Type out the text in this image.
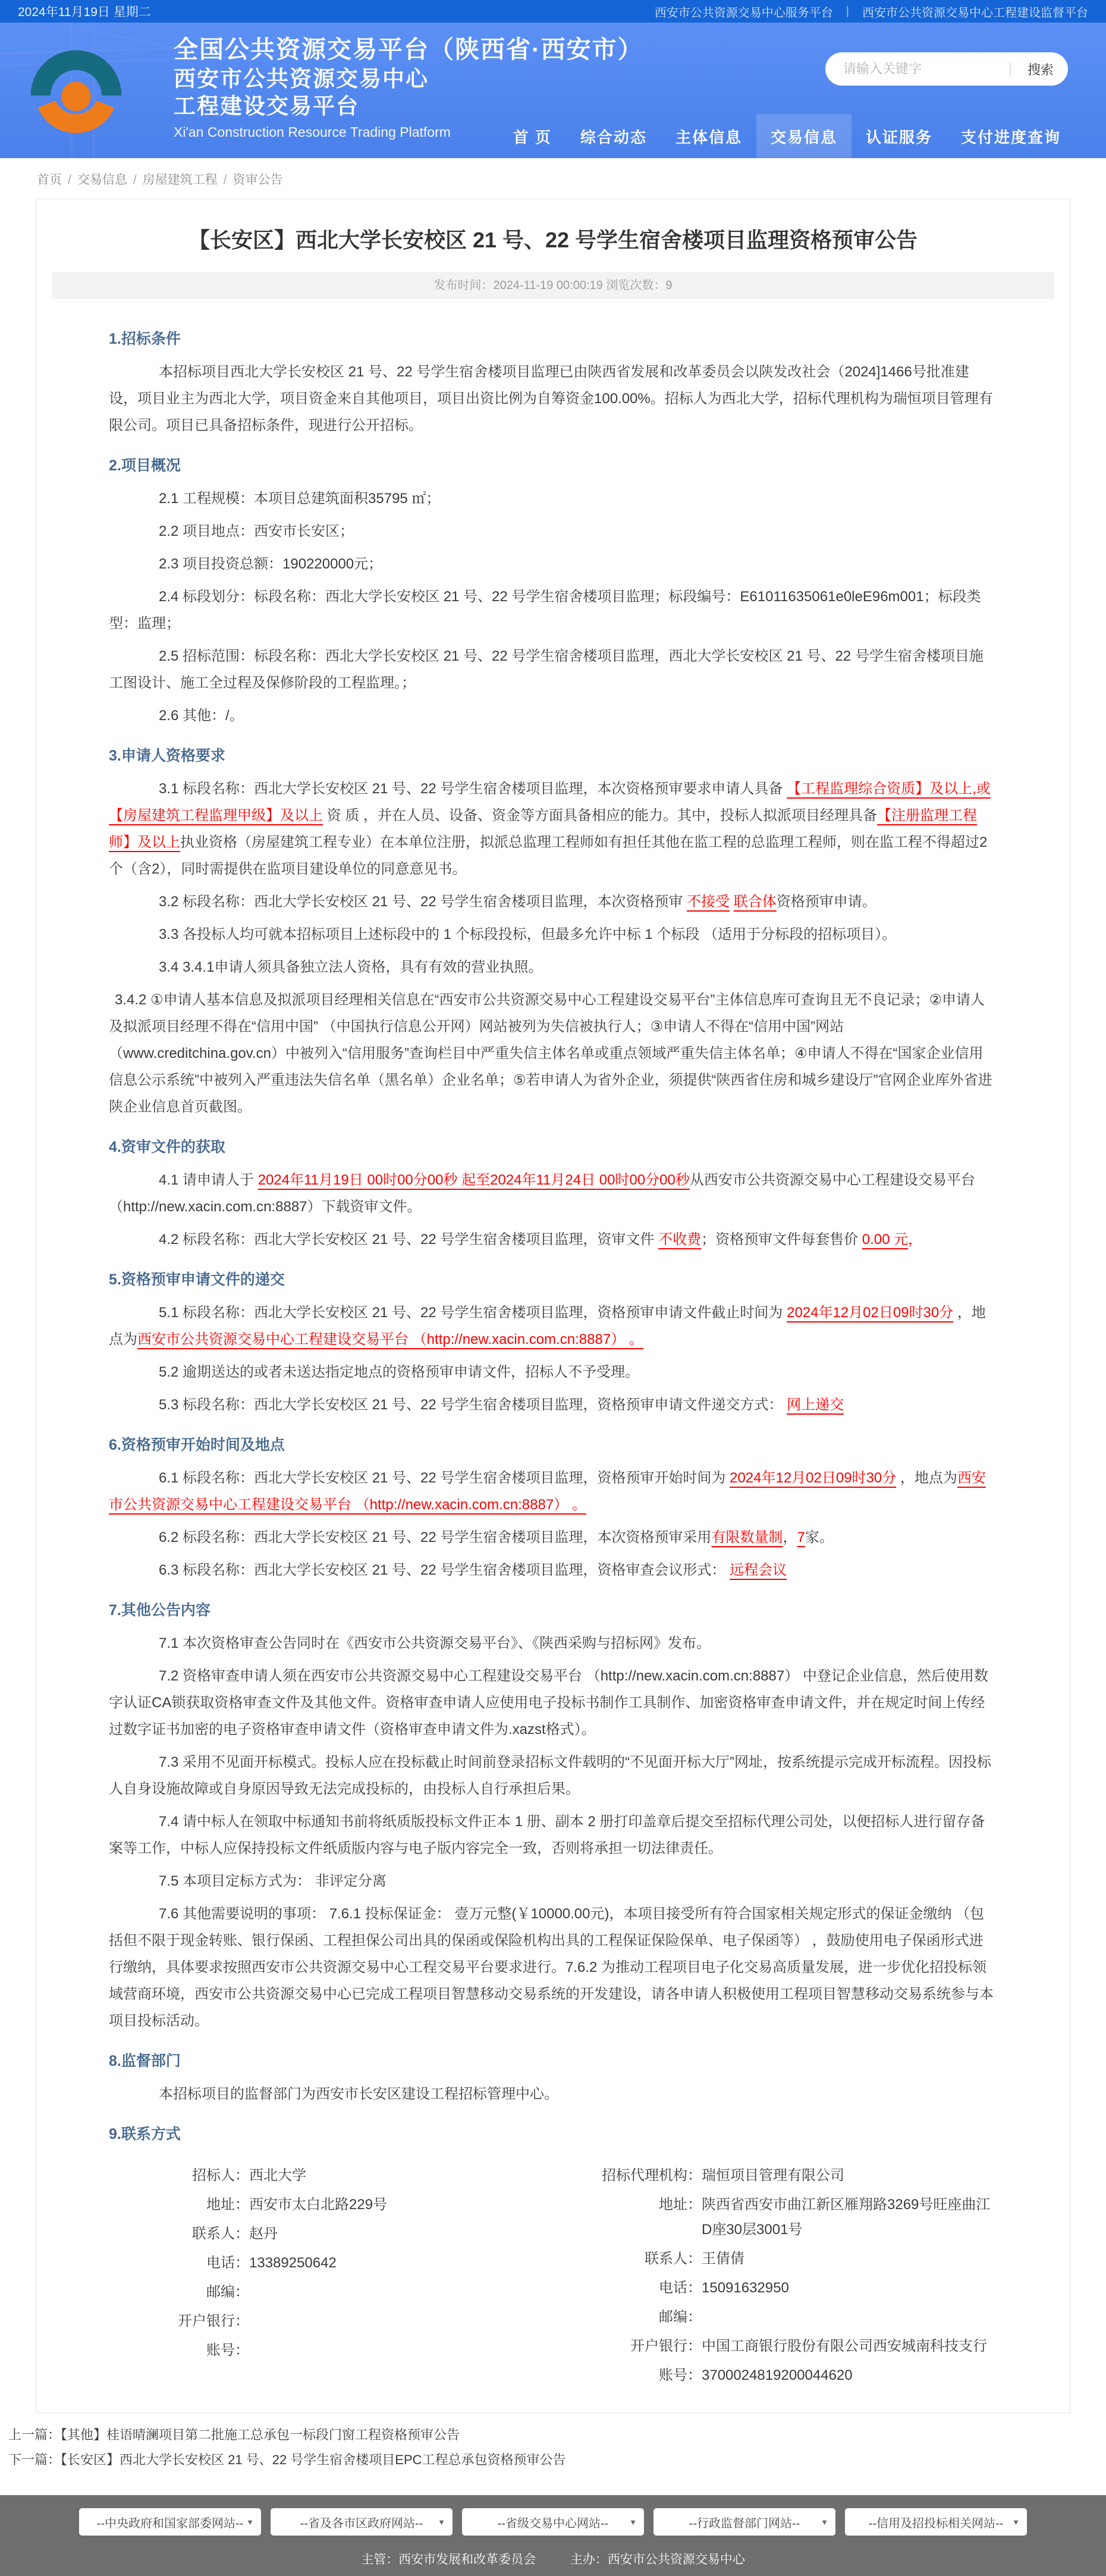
2024年11月19日 星期二	西安市公共资源交易中心服务平台 | 西安市公共资源交易中心工程建设监督平台
全国公共资源交易平台（陕西省·西安市）
西安市公共资源交易中心
工程建设交易平台
Xi'an Construction Resource Trading Platform
请输入关键字
|	搜索
首 页	综合动态	主体信息	交易信息	认证服务	支付进度查询
首页 / 交易信息 / 房屋建筑工程 / 资审公告
【长安区】西北大学长安校区 21 号、22 号学生宿舍楼项目监理资格预审公告
发布时间：2024-11-19 00:00:19 浏览次数：9
1.招标条件

本招标项目西北大学长安校区 21 号、22 号学生宿舍楼项目监理已由陕西省发展和改革委员会以陕发改社会（2024]1466号批准建设，项目业主为西北大学，项目资金来自其他项目，项目出资比例为自筹资金100.00%。招标人为西北大学，招标代理机构为瑞恒项目管理有限公司。项目已具备招标条件，现进行公开招标。

2.项目概况

2.1 工程规模：本项目总建筑面积35795 ㎡；

2.2 项目地点：西安市长安区；

2.3 项目投资总额：190220000元；

2.4 标段划分：标段名称：西北大学长安校区 21 号、22 号学生宿舍楼项目监理；标段编号：E61011635061e0leE96m001；标段类型：监理；

2.5 招标范围：标段名称：西北大学长安校区 21 号、22 号学生宿舍楼项目监理，西北大学长安校区 21 号、22 号学生宿舍楼项目施工图设计、施工全过程及保修阶段的工程监理。；

2.6 其他：/。

3.申请人资格要求

3.1 标段名称：西北大学长安校区 21 号、22 号学生宿舍楼项目监理，本次资格预审要求申请人具备 【工程监理综合资质】及以上,或【房屋建筑工程监理甲级】及以上 资 质 ，并在人员、设备、资金等方面具备相应的能力。其中，投标人拟派项目经理具备【注册监理工程师】及以上执业资格（房屋建筑工程专业）在本单位注册，拟派总监理工程师如有担任其他在监工程的总监理工程师，则在监工程不得超过2个（含2），同时需提供在监项目建设单位的同意意见书。

3.2 标段名称：西北大学长安校区 21 号、22 号学生宿舍楼项目监理，本次资格预审 不接受 联合体资格预审申请。

3.3 各投标人均可就本招标项目上述标段中的 1 个标段投标，但最多允许中标 1 个标段 （适用于分标段的招标项目）。

3.4 3.4.1申请人须具备独立法人资格，具有有效的营业执照。

3.4.2 ①申请人基本信息及拟派项目经理相关信息在“西安市公共资源交易中心工程建设交易平台”主体信息库可查询且无不良记录；②申请人及拟派项目经理不得在“信用中国” （中国执行信息公开网）网站被列为失信被执行人；③申请人不得在“信用中国”网站（www.creditchina.gov.cn）中被列入“信用服务”查询栏目中严重失信主体名单或重点领域严重失信主体名单；④申请人不得在“国家企业信用信息公示系统”中被列入严重违法失信名单（黑名单）企业名单；⑤若申请人为省外企业，须提供“陕西省住房和城乡建设厅”官网企业库外省进陕企业信息首页截图。

4.资审文件的获取

4.1 请申请人于 2024年11月19日 00时00分00秒 起至2024年11月24日 00时00分00秒从西安市公共资源交易中心工程建设交易平台（http://new.xacin.com.cn:8887）下载资审文件。

4.2 标段名称：西北大学长安校区 21 号、22 号学生宿舍楼项目监理，资审文件 不收费；资格预审文件每套售价 0.00 元，

5.资格预审申请文件的递交

5.1 标段名称：西北大学长安校区 21 号、22 号学生宿舍楼项目监理，资格预审申请文件截止时间为 2024年12月02日09时30分 ，地点为西安市公共资源交易中心工程建设交易平台 （http://new.xacin.com.cn:8887） 。

5.2 逾期送达的或者未送达指定地点的资格预审申请文件，招标人不予受理。

5.3 标段名称：西北大学长安校区 21 号、22 号学生宿舍楼项目监理，资格预审申请文件递交方式： 网上递交

6.资格预审开始时间及地点

6.1 标段名称：西北大学长安校区 21 号、22 号学生宿舍楼项目监理，资格预审开始时间为 2024年12月02日09时30分 ，地点为西安市公共资源交易中心工程建设交易平台 （http://new.xacin.com.cn:8887） 。

6.2 标段名称：西北大学长安校区 21 号、22 号学生宿舍楼项目监理，本次资格预审采用有限数量制，7家。

6.3 标段名称：西北大学长安校区 21 号、22 号学生宿舍楼项目监理，资格审查会议形式： 远程会议

7.其他公告内容

7.1 本次资格审查公告同时在《西安市公共资源交易平台》、《陕西采购与招标网》发布。

7.2 资格审查申请人须在西安市公共资源交易中心工程建设交易平台 （http://new.xacin.com.cn:8887） 中登记企业信息，然后使用数字认证CA锁获取资格审查文件及其他文件。资格审查申请人应使用电子投标书制作工具制作、加密资格审查申请文件，并在规定时间上传经过数字证书加密的电子资格审查申请文件（资格审查申请文件为.xazst格式）。

7.3 采用不见面开标模式。投标人应在投标截止时间前登录招标文件载明的“不见面开标大厅”网址，按系统提示完成开标流程。因投标人自身设施故障或自身原因导致无法完成投标的，由投标人自行承担后果。

7.4 请中标人在领取中标通知书前将纸质版投标文件正本 1 册、副本 2 册打印盖章后提交至招标代理公司处，以便招标人进行留存备案等工作，中标人应保持投标文件纸质版内容与电子版内容完全一致，否则将承担一切法律责任。

7.5 本项目定标方式为： 非评定分离

7.6 其他需要说明的事项： 7.6.1 投标保证金： 壹万元整(￥10000.00元)，本项目接受所有符合国家相关规定形式的保证金缴纳 （包括但不限于现金转账、银行保函、工程担保公司出具的保函或保险机构出具的工程保证保险保单、电子保函等） ，鼓励使用电子保函形式进行缴纳，具体要求按照西安市公共资源交易中心工程交易平台要求进行。7.6.2 为推动工程项目电子化交易高质量发展，进一步优化招投标领域营商环境，西安市公共资源交易中心已完成工程项目智慧移动交易系统的开发建设，请各申请人积极使用工程项目智慧移动交易系统参与本项目投标活动。

8.监督部门

本招标项目的监督部门为西安市长安区建设工程招标管理中心。

9.联系方式
招标人： 西北大学
地址： 西安市太白北路229号
联系人： 赵丹
电话： 13389250642
邮编：
开户银行：
账号：
招标代理机构： 瑞恒项目管理有限公司
地址： 陕西省西安市曲江新区雁翔路3269号旺座曲江D座30层3001号
联系人： 王倩倩
电话： 15091632950
邮编：
开户银行： 中国工商银行股份有限公司西安城南科技支行
账号： 3700024819200044620
上一篇：【其他】桂语晴澜项目第二批施工总承包一标段门窗工程资格预审公告
下一篇：【长安区】西北大学长安校区 21 号、22 号学生宿舍楼项目EPC工程总承包资格预审公告
--中央政府和国家部委网站-- ▼	--省及各市区政府网站-- ▼	--省级交易中心网站--	▼	--行政监督部门网站--	▼	--信用及招投标相关网站-- ▼
主管：西安市发展和改革委员会	主办：西安市公共资源交易中心
